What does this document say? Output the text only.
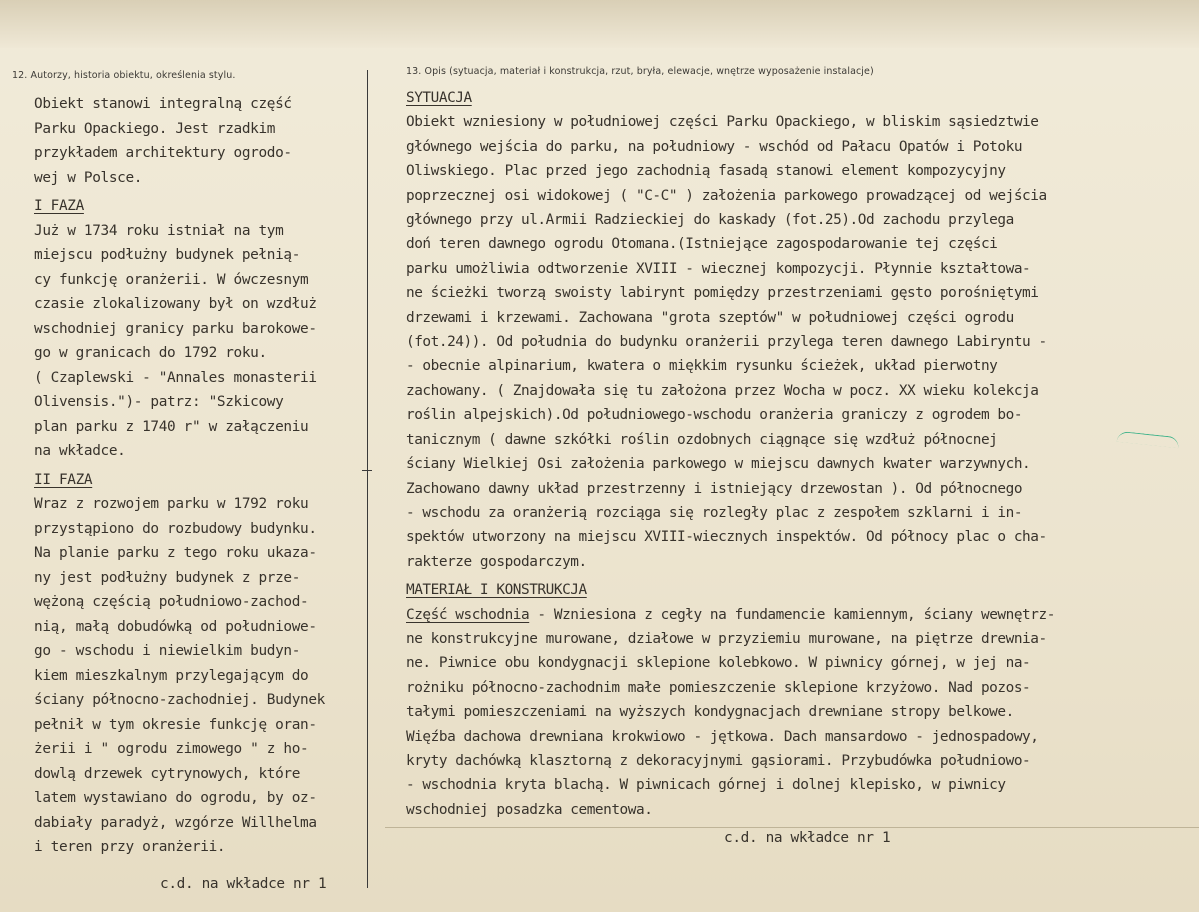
12. Autorzy, historia obiektu, określenia stylu.	13. Opis (sytuacja, materiał i konstrukcja, rzut, bryła, elewacje, wnętrze wyposażenie instalacje)
Obiekt stanowi integralną część
Parku Opackiego. Jest rzadkim
przykładem architektury ogrodo-
wej w Polsce.
I FAZA
Już w 1734 roku istniał na tym
miejscu podłużny budynek pełnią-
cy funkcję oranżerii. W ówczesnym
czasie zlokalizowany był on wzdłuż
wschodniej granicy parku barokowe-
go w granicach do 1792 roku.
( Czaplewski - "Annales monasterii
Olivensis.")- patrz: "Szkicowy
plan parku z 1740 r" w załączeniu
na wkładce.
II FAZA
Wraz z rozwojem parku w 1792 roku
przystąpiono do rozbudowy budynku.
Na planie parku z tego roku ukaza-
ny jest podłużny budynek z prze-
wężoną częścią południowo-zachod-
nią, małą dobudówką od południowe-
go - wschodu i niewielkim budyn-
kiem mieszkalnym przylegającym do
ściany północno-zachodniej. Budynek
pełnił w tym okresie funkcję oran-
żerii i " ogrodu zimowego " z ho-
dowlą drzewek cytrynowych, które
latem wystawiano do ogrodu, by oz-
dabiały paradyż, wzgórze Willhelma
i teren przy oranżerii.
c.d. na wkładce nr 1
SYTUACJA
Obiekt wzniesiony w południowej części Parku Opackiego, w bliskim sąsiedztwie
głównego wejścia do parku, na południowy - wschód od Pałacu Opatów i Potoku
Oliwskiego. Plac przed jego zachodnią fasadą stanowi element kompozycyjny
poprzecznej osi widokowej ( "C-C" ) założenia parkowego prowadzącej od wejścia
głównego przy ul.Armii Radzieckiej do kaskady (fot.25).Od zachodu przylega
doń teren dawnego ogrodu Otomana.(Istniejące zagospodarowanie tej części
parku umożliwia odtworzenie XVIII - wiecznej kompozycji. Płynnie kształtowa-
ne ścieżki tworzą swoisty labirynt pomiędzy przestrzeniami gęsto porośniętymi
drzewami i krzewami. Zachowana "grota szeptów" w południowej części ogrodu
(fot.24)). Od południa do budynku oranżerii przylega teren dawnego Labiryntu -
- obecnie alpinarium, kwatera o miękkim rysunku ścieżek, układ pierwotny
zachowany. ( Znajdowała się tu założona przez Wocha w pocz. XX wieku kolekcja
roślin alpejskich).Od południowego-wschodu oranżeria graniczy z ogrodem bo-
tanicznym ( dawne szkółki roślin ozdobnych ciągnące się wzdłuż północnej
ściany Wielkiej Osi założenia parkowego w miejscu dawnych kwater warzywnych.
Zachowano dawny układ przestrzenny i istniejący drzewostan ). Od północnego
- wschodu za oranżerią rozciąga się rozległy plac z zespołem szklarni i in-
spektów utworzony na miejscu XVIII-wiecznych inspektów. Od północy plac o cha-
rakterze gospodarczym.
MATERIAŁ I KONSTRUKCJA
Część wschodnia - Wzniesiona z cegły na fundamencie kamiennym, ściany wewnętrz-
ne konstrukcyjne murowane, działowe w przyziemiu murowane, na piętrze drewnia-
ne. Piwnice obu kondygnacji sklepione kolebkowo. W piwnicy górnej, w jej na-
rożniku północno-zachodnim małe pomieszczenie sklepione krzyżowo. Nad pozos-
tałymi pomieszczeniami na wyższych kondygnacjach drewniane stropy belkowe.
Więźba dachowa drewniana krokwiowo - jętkowa. Dach mansardowo - jednospadowy,
kryty dachówką klasztorną z dekoracyjnymi gąsiorami. Przybudówka południowo-
- wschodnia kryta blachą. W piwnicach górnej i dolnej klepisko, w piwnicy
wschodniej posadzka cementowa.
c.d. na wkładce nr 1
